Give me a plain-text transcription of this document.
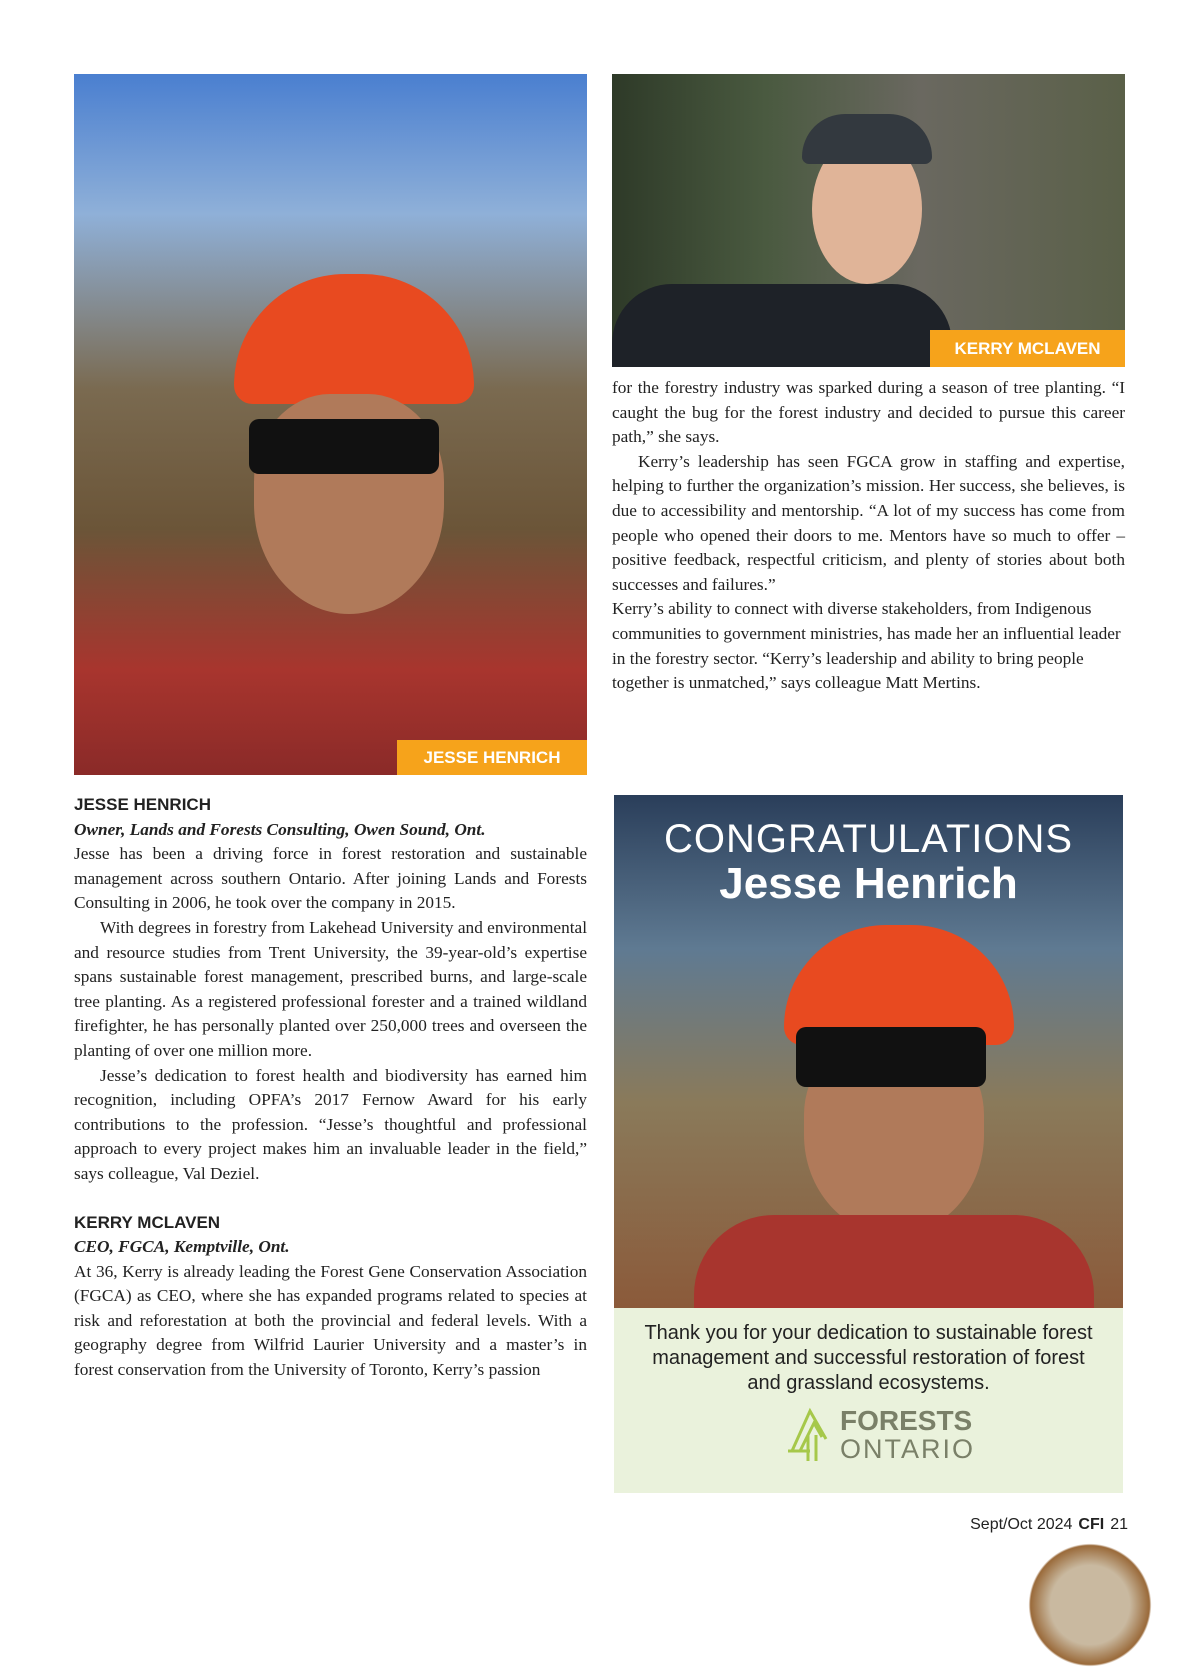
JESSE HENRICH
KERRY MCLAVEN

JESSE HENRICH

Owner, Lands and Forests Consulting, Owen Sound, Ont.

Jesse has been a driving force in forest restoration and sustainable management across southern Ontario. After joining Lands and Forests Consulting in 2006, he took over the company in 2015.

With degrees in forestry from Lakehead University and environmental and resource studies from Trent University, the 39-year-old’s expertise spans sustainable forest management, prescribed burns, and large-scale tree planting. As a registered professional forester and a trained wildland firefighter, he has personally planted over 250,000 trees and overseen the planting of over one million more.

Jesse’s dedication to forest health and biodiversity has earned him recognition, including OPFA’s 2017 Fernow Award for his early contributions to the profession. “Jesse’s thoughtful and professional approach to every project makes him an invaluable leader in the field,” says colleague, Val Deziel.

KERRY MCLAVEN

CEO, FGCA, Kemptville, Ont.

At 36, Kerry is already leading the Forest Gene Conservation Association (FGCA) as CEO, where she has expanded programs related to species at risk and reforestation at both the provincial and federal levels. With a geography degree from Wilfrid Laurier University and a master’s in forest conservation from the University of Toronto, Kerry’s passion

for the forestry industry was sparked during a season of tree planting. “I caught the bug for the forest industry and decided to pursue this career path,” she says.

Kerry’s leadership has seen FGCA grow in staffing and expertise, helping to further the organization’s mission. Her success, she believes, is due to accessibility and mentorship. “A lot of my success has come from people who opened their doors to me. Mentors have so much to offer – positive feedback, respectful criticism, and plenty of stories about both successes and failures.”

Kerry’s ability to connect with diverse stakeholders, from Indigenous communities to government ministries, has made her an influential leader in the forestry sector. “Kerry’s leadership and ability to bring people together is unmatched,” says colleague Matt Mertins.

CONGRATULATIONS
Jesse Henrich
Thank you for your dedication to sustainable forest management and successful restoration of forest and grassland ecosystems.
FORESTS
ONTARIO
Sept/Oct 2024 CFI 21
